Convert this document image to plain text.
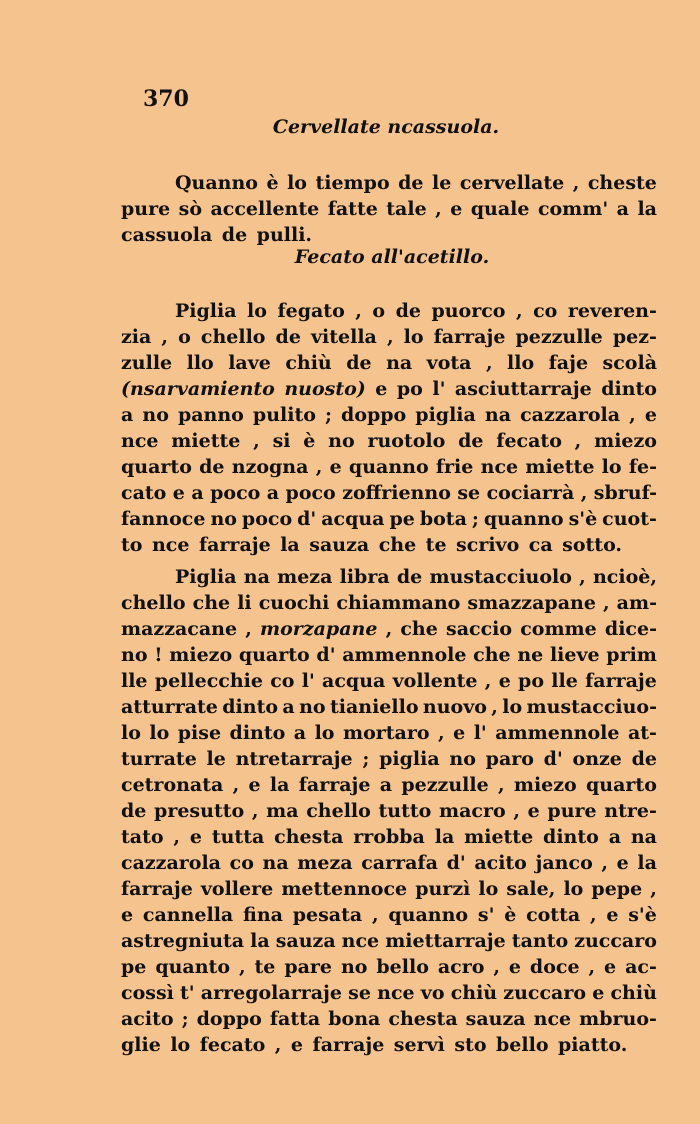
370
Cervellate ncassuola.
Quanno è lo tiempo de le cervellate , cheste
pure sò accellente fatte tale , e quale comm' a la
cassuola de pulli.
Fecato all'acetillo.
Piglia lo fegato , o de puorco , co reveren-
zia , o chello de vitella , lo farraje pezzulle pez-
zulle llo lave chiù de na vota , llo faje scolà
(nsarvamiento nuosto) e po l' asciuttarraje dinto
a no panno pulito ; doppo piglia na cazzarola , e
nce miette , si è no ruotolo de fecato , miezo
quarto de nzogna , e quanno frie nce miette lo fe-
cato e a poco a poco zoffrienno se cociarrà , sbruf-
fannoce no poco d' acqua pe bota ; quanno s'è cuot-
to nce farraje la sauza che te scrivo ca sotto.
Piglia na meza libra de mustacciuolo , ncioè,
chello che li cuochi chiammano smazzapane , am-
mazzacane , morzapane , che saccio comme dice-
no ! miezo quarto d' ammennole che ne lieve prim
lle pellecchie co l' acqua vollente , e po lle farraje
atturrate dinto a no tianiello nuovo , lo mustacciuo-
lo lo pise dinto a lo mortaro , e l' ammennole at-
turrate le ntretarraje ; piglia no paro d' onze de
cetronata , e la farraje a pezzulle , miezo quarto
de presutto , ma chello tutto macro , e pure ntre-
tato , e tutta chesta rrobba la miette dinto a na
cazzarola co na meza carrafa d' acito janco , e la
farraje vollere mettennoce purzì lo sale, lo pepe ,
e cannella fina pesata , quanno s' è cotta , e s'è
astregniuta la sauza nce miettarraje tanto zuccaro
pe quanto , te pare no bello acro , e doce , e ac-
cossì t' arregolarraje se nce vo chiù zuccaro e chiù
acito ; doppo fatta bona chesta sauza nce mbruo-
glie lo fecato , e farraje servì sto bello piatto.
